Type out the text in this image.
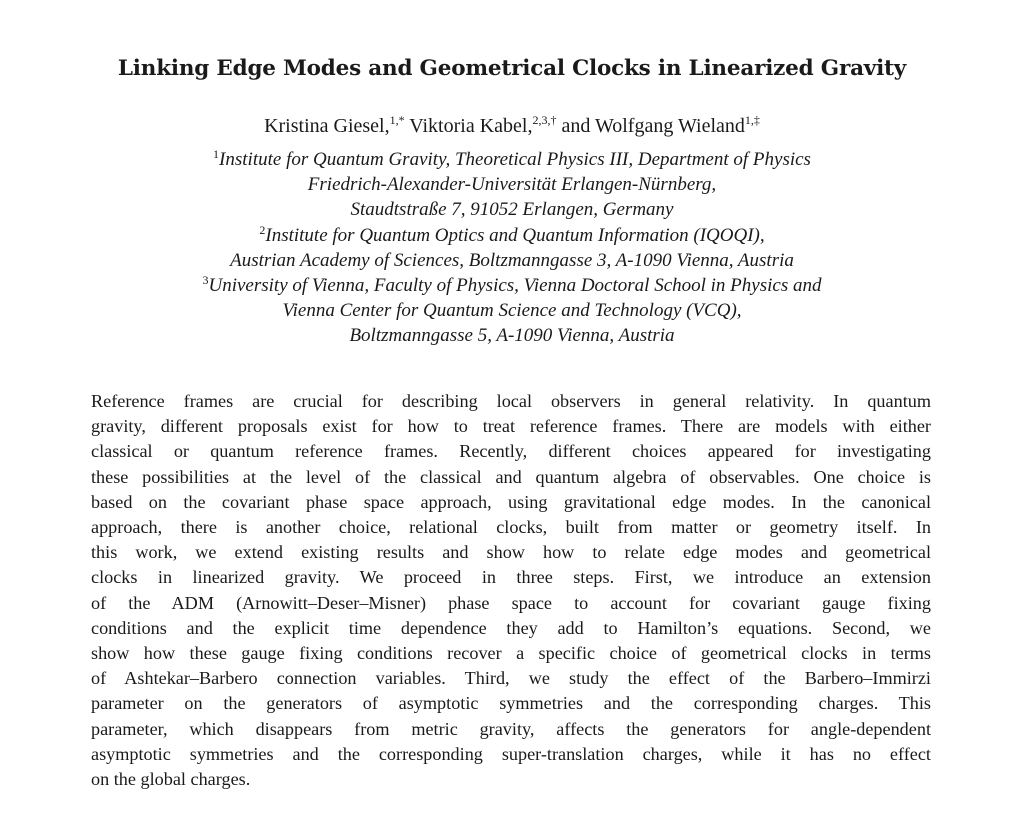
Linking Edge Modes and Geometrical Clocks in Linearized Gravity
Kristina Giesel,$^{1,*}$ Viktoria Kabel,$^{2,3,\dagger}$ and Wolfgang Wieland$^{1,\ddagger}$
$^1$Institute for Quantum Gravity, Theoretical Physics III, Department of Physics
Friedrich-Alexander-Universität Erlangen-Nürnberg,
Staudtstraße 7, 91052 Erlangen, Germany
$^2$Institute for Quantum Optics and Quantum Information (IQOQI),
Austrian Academy of Sciences, Boltzmanngasse 3, A-1090 Vienna, Austria
$^3$University of Vienna, Faculty of Physics, Vienna Doctoral School in Physics and
Vienna Center for Quantum Science and Technology (VCQ),
Boltzmanngasse 5, A-1090 Vienna, Austria
Reference frames are crucial for describing local observers in general relativity. In quantum
gravity, different proposals exist for how to treat reference frames. There are models with either
classical or quantum reference frames. Recently, different choices appeared for investigating
these possibilities at the level of the classical and quantum algebra of observables. One choice is
based on the covariant phase space approach, using gravitational edge modes. In the canonical
approach, there is another choice, relational clocks, built from matter or geometry itself. In
this work, we extend existing results and show how to relate edge modes and geometrical
clocks in linearized gravity. We proceed in three steps. First, we introduce an extension
of the ADM (Arnowitt–Deser–Misner) phase space to account for covariant gauge fixing
conditions and the explicit time dependence they add to Hamilton’s equations. Second, we
show how these gauge fixing conditions recover a specific choice of geometrical clocks in terms
of Ashtekar–Barbero connection variables. Third, we study the effect of the Barbero–Immirzi
parameter on the generators of asymptotic symmetries and the corresponding charges. This
parameter, which disappears from metric gravity, affects the generators for angle-dependent
asymptotic symmetries and the corresponding super-translation charges, while it has no effect
on the global charges.
